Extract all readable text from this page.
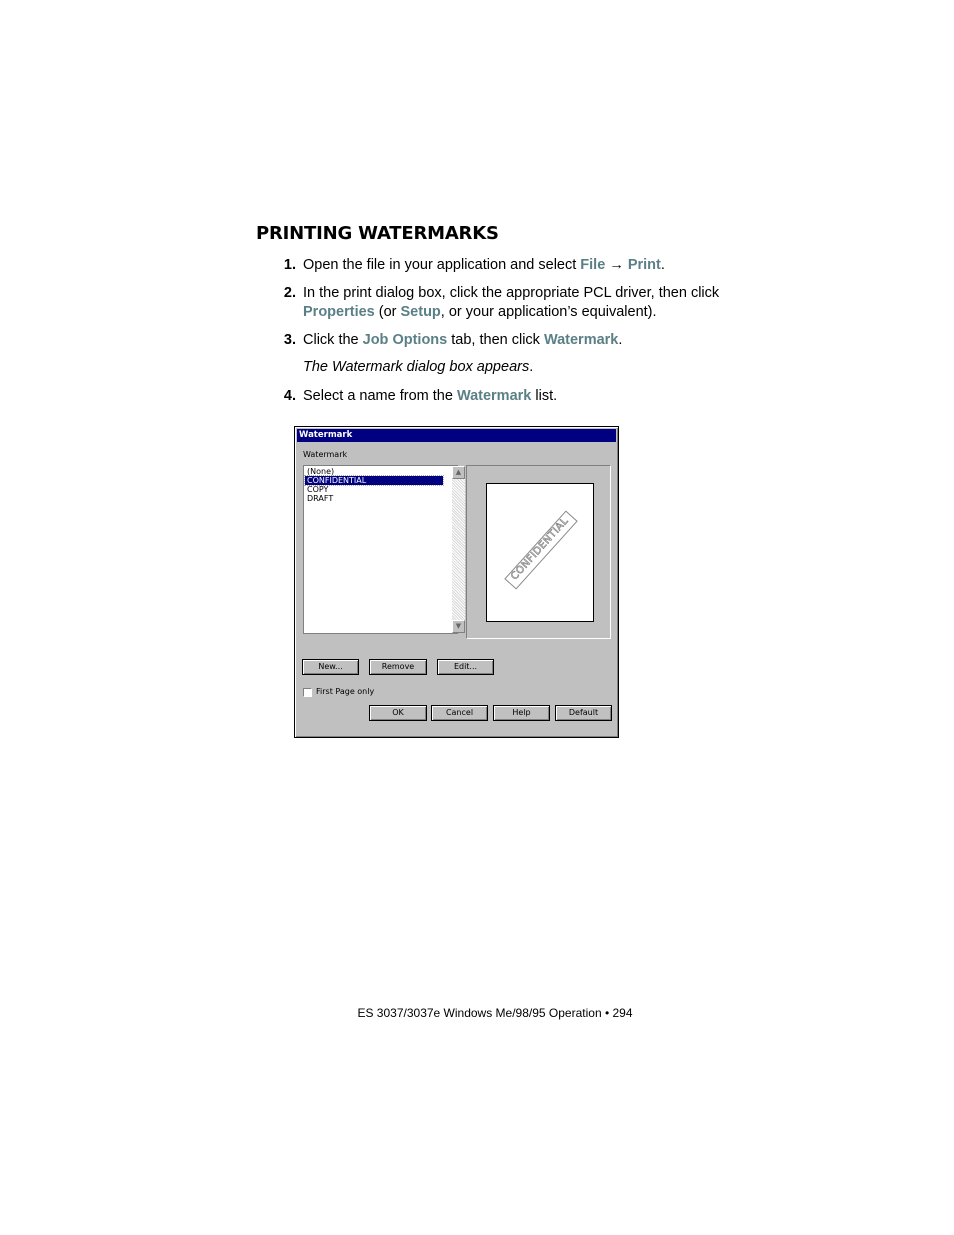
PRINTING WATERMARKS
1. Open the file in your application and select File → Print.
2. In the print dialog box, click the appropriate PCL driver, then click Properties (or Setup, or your application’s equivalent).
3. Click the Job Options tab, then click Watermark.
The Watermark dialog box appears.
4. Select a name from the Watermark list.
Watermark
Watermark
(None)
CONFIDENTIAL
COPY
DRAFT
▲
▼
CONFIDENTIAL
New...	Remove	Edit...
First Page only
OK	Cancel	Help	Default
ES 3037/3037e Windows Me/98/95 Operation • 294
